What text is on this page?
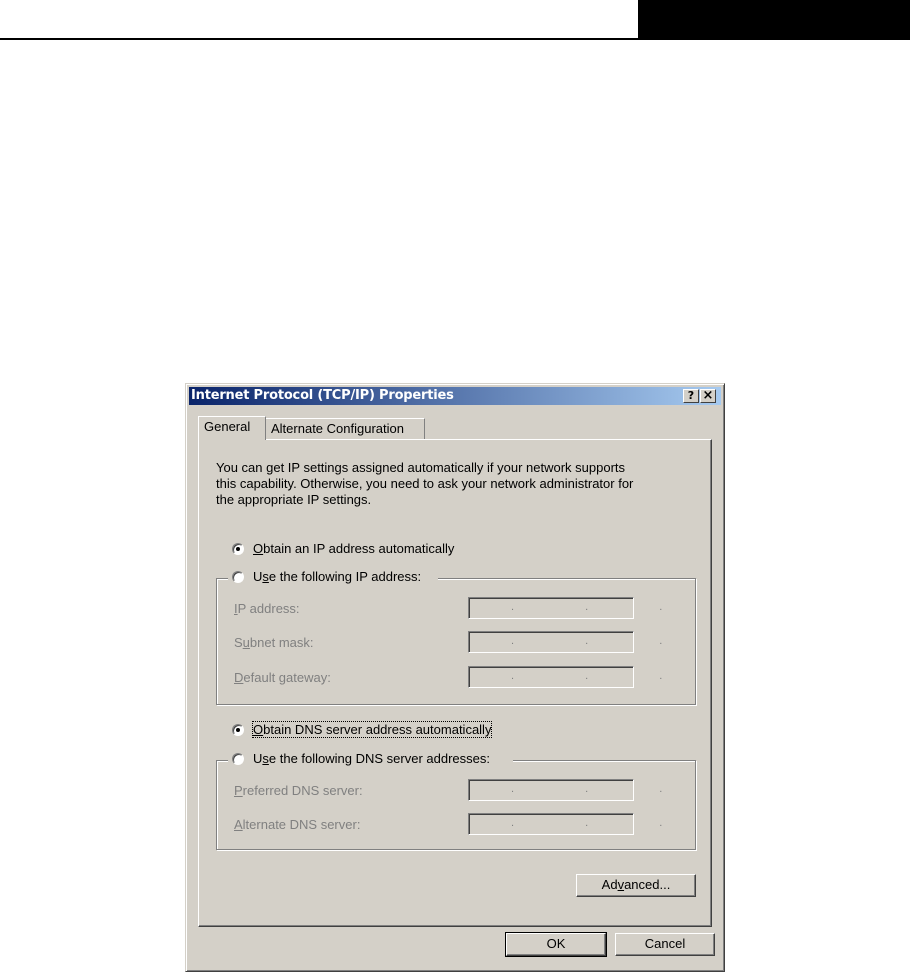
Internet Protocol (TCP/IP) Properties	? ×
General	Alternate Configuration
You can get IP settings assigned automatically if your network supports
this capability. Otherwise, you need to ask your network administrator for
the appropriate IP settings.
Obtain an IP address automatically
Use the following IP address:
IP address:	. . .
Subnet mask:	. . .
Default gateway:	. . .
Obtain DNS server address automatically
Use the following DNS server addresses:
Preferred DNS server:	. . .
Alternate DNS server:	. . .
Advanced...
OK	Cancel
